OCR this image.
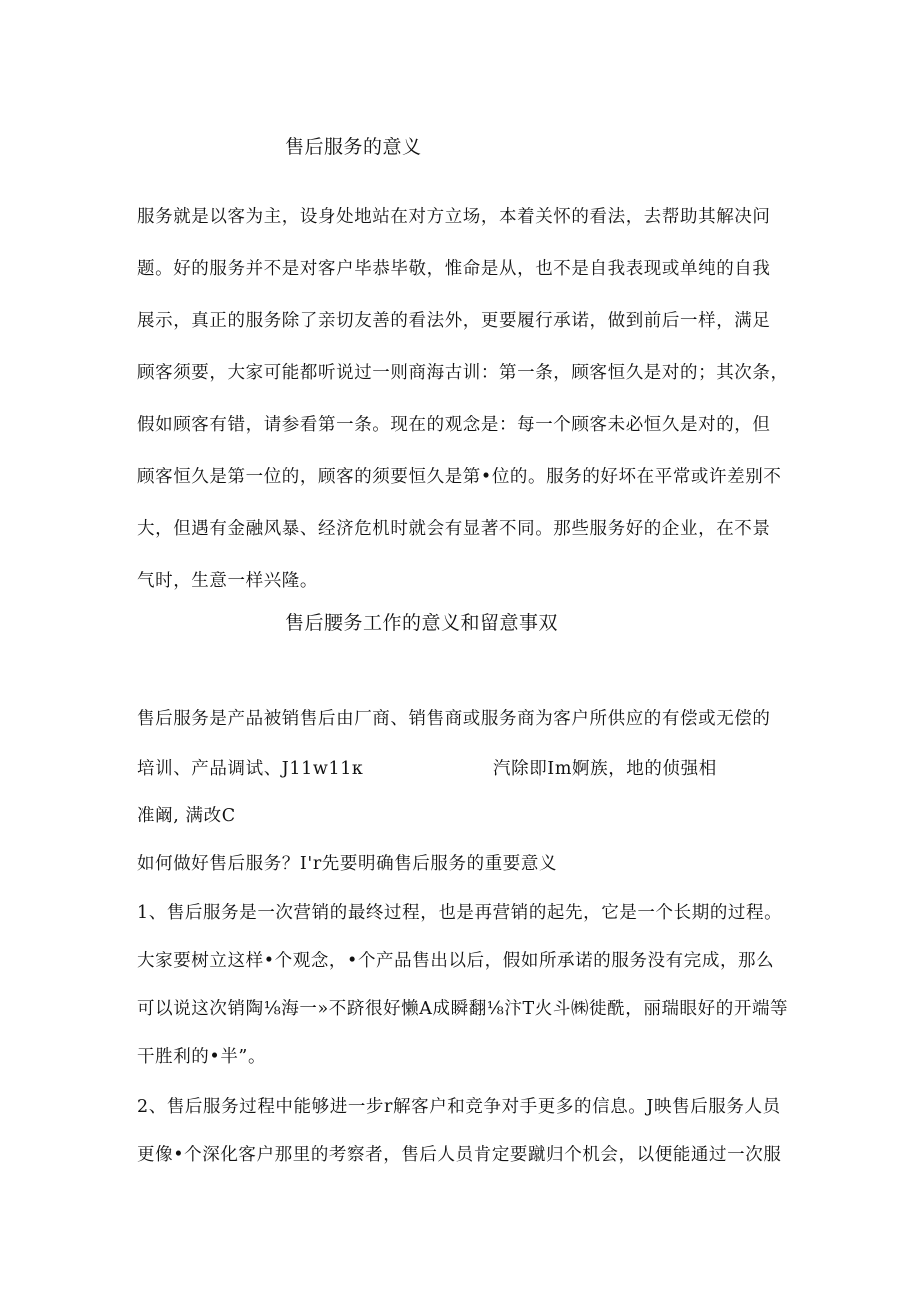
售后服务的意义
服务就是以客为主，设身处地站在对方立场，本着关怀的看法，去帮助其解决问
题。好的服务并不是对客户毕恭毕敬，惟命是从，也不是自我表现或单纯的自我
展示，真正的服务除了亲切友善的看法外，更要履行承诺，做到前后一样，满足
顾客须要，大家可能都听说过一则商海古训：第一条，顾客恒久是对的；其次条，
假如顾客有错，请参看第一条。现在的观念是：每一个顾客未必恒久是对的，但
顾客恒久是第一位的，顾客的须要恒久是第•位的。服务的好坏在平常或许差别不
大，但遇有金融风暴、经济危机时就会有显著不同。那些服务好的企业，在不景
气时，生意一样兴隆。
售后腰务工作的意义和留意事双
售后服务是产品被销售后由厂商、销售商或服务商为客户所供应的有偿或无偿的
培训、产品调试、J11w11κ	汽除即Im婀族，地的侦强相
准阚, 满改C
如何做好售后服务？I'r先要明确售后服务的重要意义
1、售后服务是一次营销的最终过程，也是再营销的起先，它是一个长期的过程。
大家要树立这样•个观念，•个产品售出以后，假如所承诺的服务没有完成，那么
可以说这次销陶⅛海一»不跻很好懒A成瞬翻⅛汴T火斗㈱徙酰，丽瑞眼好的开端等
干胜利的•半”。
2、售后服务过程中能够进一步r解客户和竞争对手更多的信息。J映售后服务人员
更像•个深化客户那里的考察者，售后人员肯定要蹴归个机会，以便能通过一次服
